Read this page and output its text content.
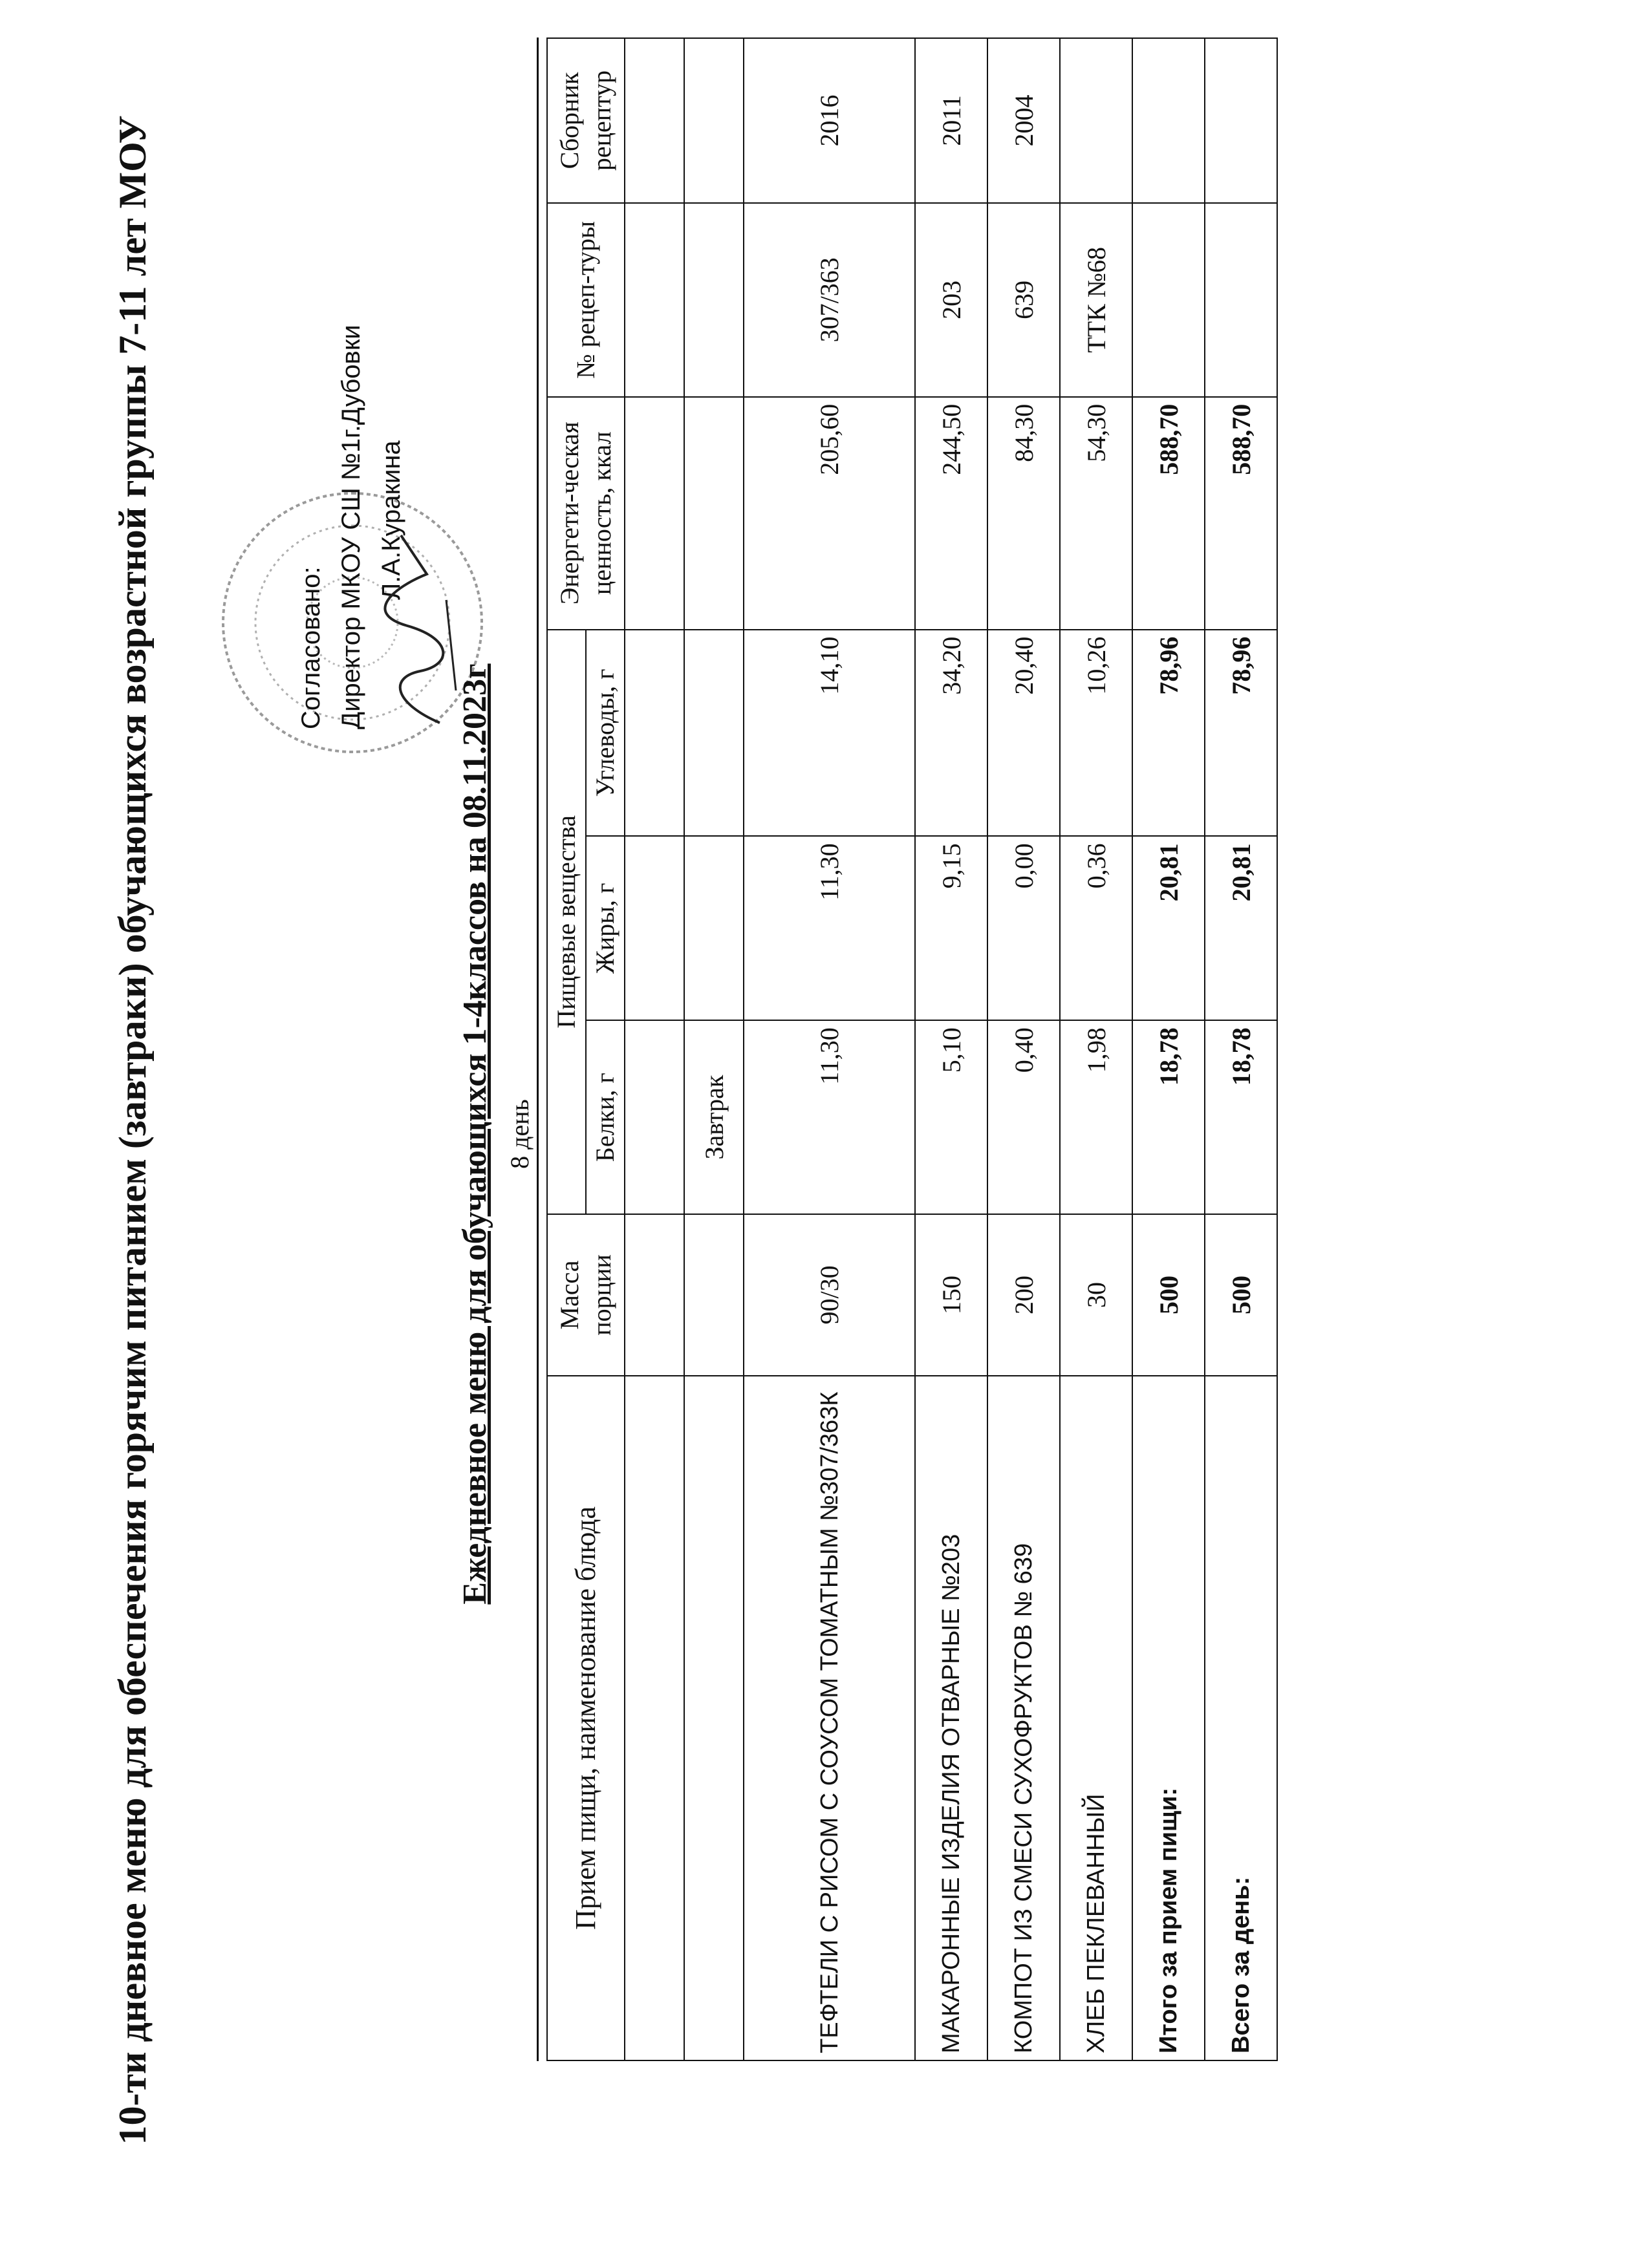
10-ти дневное меню для обеспечения горячим питанием (завтраки) обучающихся возрастной группы 7-11 лет МОУ	Согласовано: Директор МКОУ СШ №1г.Дубовки Л.А.Куракина
Ежедневное меню для обучающихся 1-4классов на 08.11.2023г 8 день
Прием пищи, наименование блюда	Масса порции	Пищевые вещества			Энергети-ческая ценность, ккал	№ рецеп-туры	Сборник рецептур
		Белки, г	Жиры, г	Углеводы, г			

		Завтрак					
ТЕФТЕЛИ С РИСОМ С СОУСОМ ТОМАТНЫМ №307/363К	90/30	11,30	11,30	14,10	205,60	307/363	2016
МАКАРОННЫЕ ИЗДЕЛИЯ ОТВАРНЫЕ №203	150	5,10	9,15	34,20	244,50	203	2011
КОМПОТ ИЗ СМЕСИ СУХОФРУКТОВ № 639	200	0,40	0,00	20,40	84,30	639	2004
ХЛЕБ ПЕКЛЕВАННЫЙ	30	1,98	0,36	10,26	54,30	ТТК №68	
Итого за прием пищи:	500	18,78	20,81	78,96	588,70		
Всего за день:	500	18,78	20,81	78,96	588,70		
